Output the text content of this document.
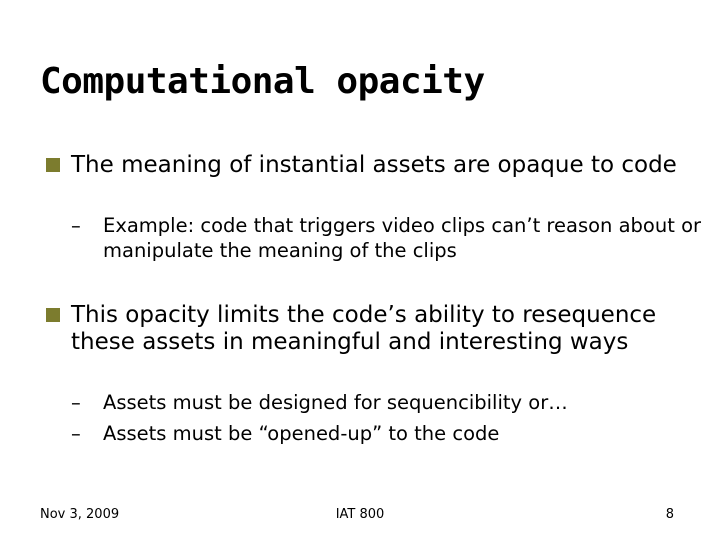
Computational opacity
The meaning of instantial assets are opaque to code
–	Example: code that triggers video clips can’t reason about or manipulate the meaning of the clips
This opacity limits the code’s ability to resequence these assets in meaningful and interesting ways
–	Assets must be designed for sequencibility or…
–	Assets must be “opened-up” to the code
Nov 3, 2009	IAT 800	8
